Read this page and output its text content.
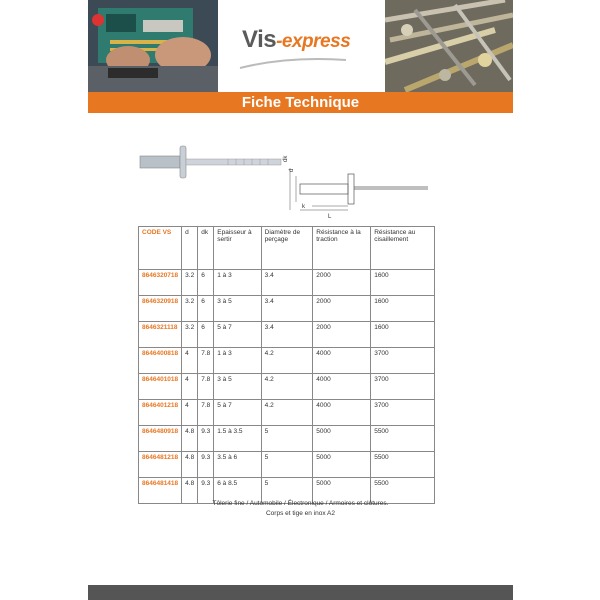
Vis-express
Fiche Technique
d
dk
k
L
CODE VS	d	dk	Epaisseur à sertir	Diamètre de perçage	Résistance à la traction	Résistance au cisaillement
8646320718	3.2	6	1 à 3	3.4	2000	1600
8646320918	3.2	6	3 à 5	3.4	2000	1600
8646321118	3.2	6	5 à 7	3.4	2000	1600
8646400818	4	7.8	1 à 3	4.2	4000	3700
8646401018	4	7.8	3 à 5	4.2	4000	3700
8646401218	4	7.8	5 à 7	4.2	4000	3700
8646480918	4.8	9.3	1.5 à 3.5	5	5000	5500
8646481218	4.8	9.3	3.5 à 6	5	5000	5500
8646481418	4.8	9.3	6 à 8.5	5	5000	5500
Tôlerie fine / Automobile / Électronique / Armoires et clôtures.
Corps et tige en inox A2
